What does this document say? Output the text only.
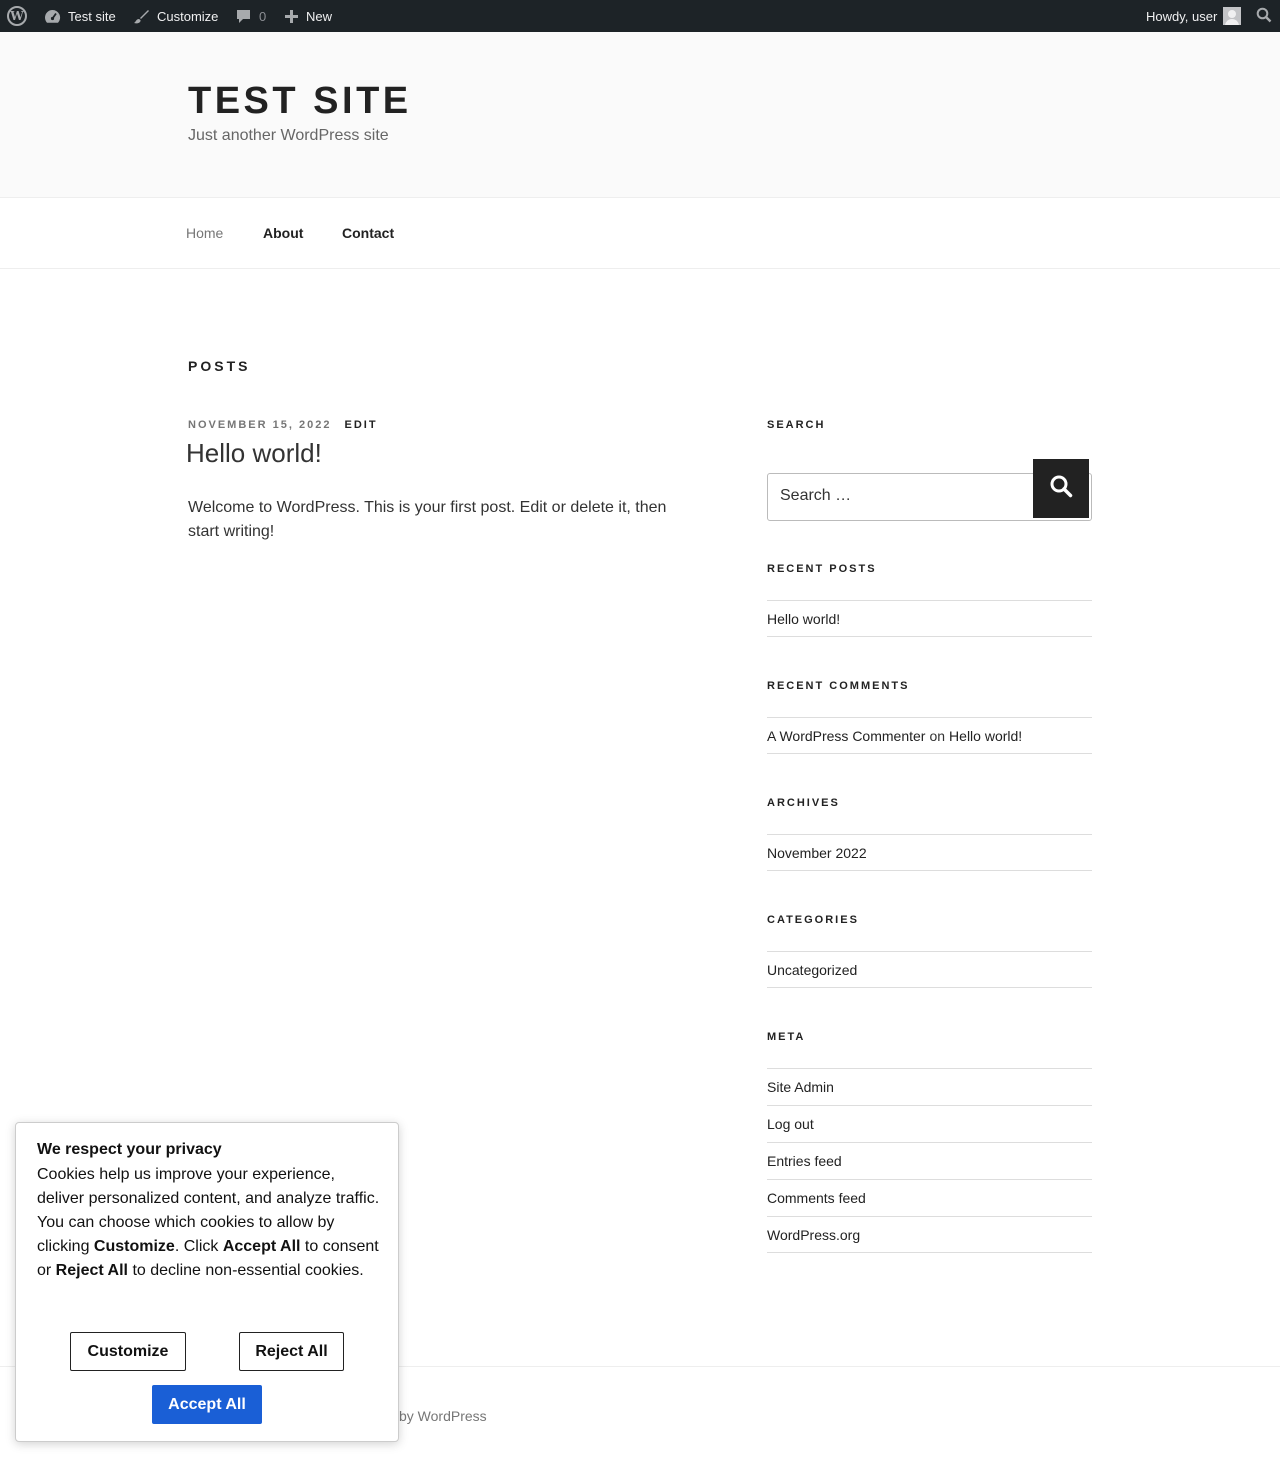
W	Test site	Customize	0	New	Howdy, user
TEST SITE
Just another WordPress site
Home	About	Contact
POSTS
NOVEMBER 15, 2022 EDIT
Hello world!
Welcome to WordPress. This is your first post. Edit or delete it, then start writing!
SEARCH
Search …
RECENT POSTS
Hello world!
RECENT COMMENTS
A WordPress Commenter on Hello world!
ARCHIVES
November 2022
CATEGORIES
Uncategorized
META
Site Admin
Log out
Entries feed
Comments feed
WordPress.org
by WordPress
We respect your privacy

Cookies help us improve your experience, deliver personalized content, and analyze traffic. You can choose which cookies to allow by clicking Customize. Click Accept All to consent or Reject All to decline non-essential cookies.

Customize	Reject All
Accept All
